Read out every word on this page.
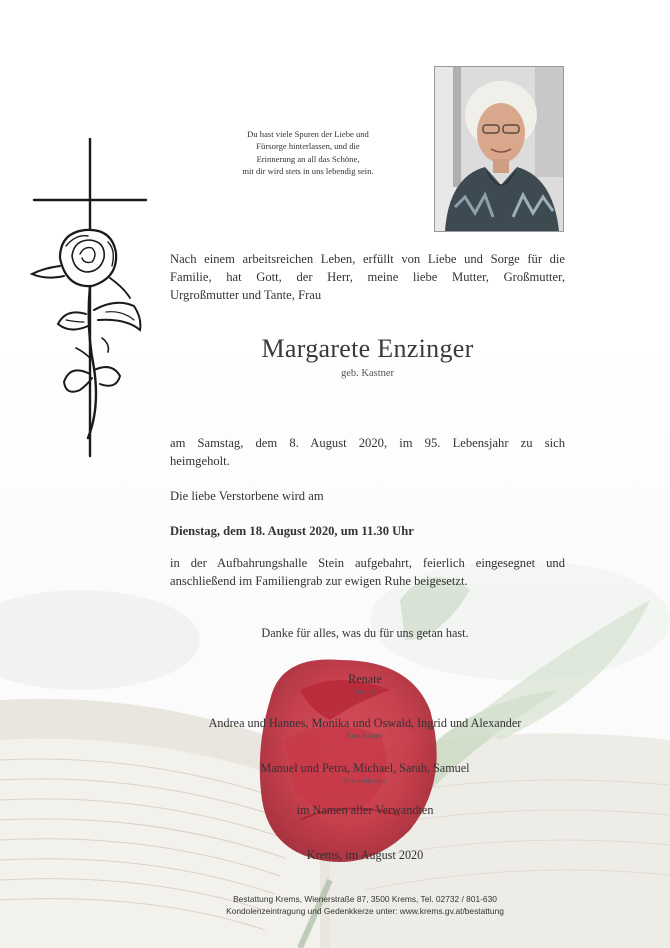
Du hast viele Spuren der Liebe und
Fürsorge hinterlassen, und die
Erinnerung an all das Schöne,
mit dir wird stets in uns lebendig sein.
Nach einem arbeitsreichen Leben, erfüllt von Liebe und Sorge für die
Familie, hat Gott, der Herr, meine liebe Mutter, Großmutter,
Urgroßmutter und Tante, Frau
Margarete Enzinger
geb. Kastner
am Samstag, dem 8. August 2020, im 95. Lebensjahr zu sich
heimgeholt.
Die liebe Verstorbene wird am
Dienstag, dem 18. August 2020, um 11.30 Uhr
in der Aufbahrungshalle Stein aufgebahrt, feierlich eingesegnet und
anschließend im Familiengrab zur ewigen Ruhe beigesetzt.
Danke für alles, was du für uns getan hast.
Renate
Tochter
Andrea und Hannes, Monika und Oswald, Ingrid und Alexander
Enkelkinder
Manuel und Petra, Michael, Sarah, Samuel
Urenkelkinder
im Namen aller Verwandten
Krems, im August 2020
Bestattung Krems, Wienerstraße 87, 3500 Krems, Tel. 02732 / 801-630
Kondolenzeintragung und Gedenkkerze unter: www.krems.gv.at/bestattung
